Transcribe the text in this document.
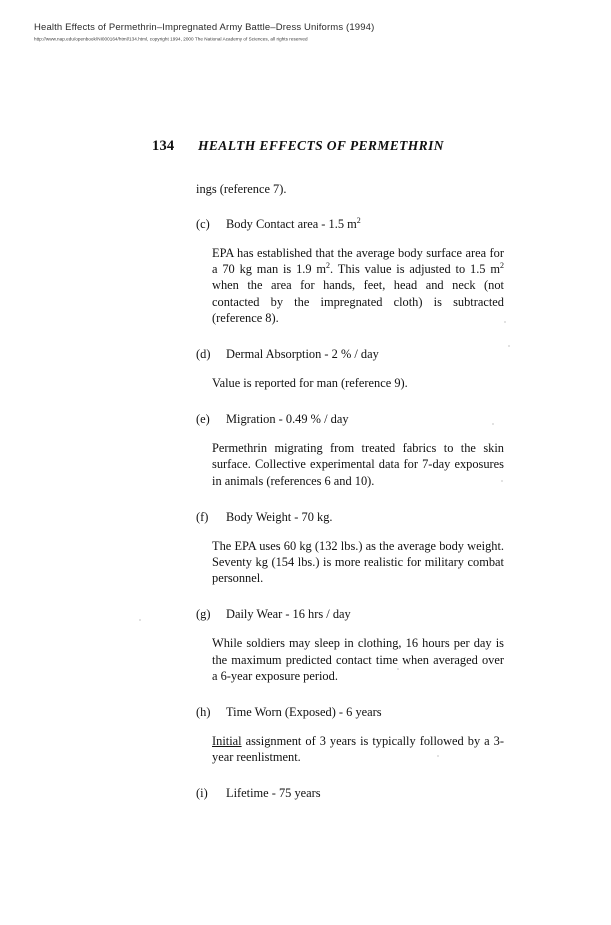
Health Effects of Permethrin–Impregnated Army Battle–Dress Uniforms (1994)
http://www.nap.edu/openbook/NI000164/html/134.html, copyright 1994, 2000 The National Academy of Sciences, all rights reserved
134	HEALTH EFFECTS OF PERMETHRIN
ings (reference 7).
(c)	Body Contact area - 1.5 $m^2$
EPA has established that the average body surface area for a 70 kg man is 1.9 $m^2$. This value is adjusted to 1.5 $m^2$ when the area for hands, feet, head and neck (not contacted by the impregnated cloth) is subtracted (reference 8).
(d)	Dermal Absorption - 2 % / day
Value is reported for man (reference 9).
(e)	Migration - 0.49 % / day
Permethrin migrating from treated fabrics to the skin surface. Collective experimental data for 7-day exposures in animals (references 6 and 10).
(f)	Body Weight - 70 kg.
The EPA uses 60 kg (132 lbs.) as the average body weight. Seventy kg (154 lbs.) is more realistic for military combat personnel.
(g)	Daily Wear - 16 hrs / day
While soldiers may sleep in clothing, 16 hours per day is the maximum predicted contact time when averaged over a 6-year exposure period.
(h)	Time Worn (Exposed) - 6 years
Initial assignment of 3 years is typically followed by a 3-year reenlistment.
(i)	Lifetime - 75 years
